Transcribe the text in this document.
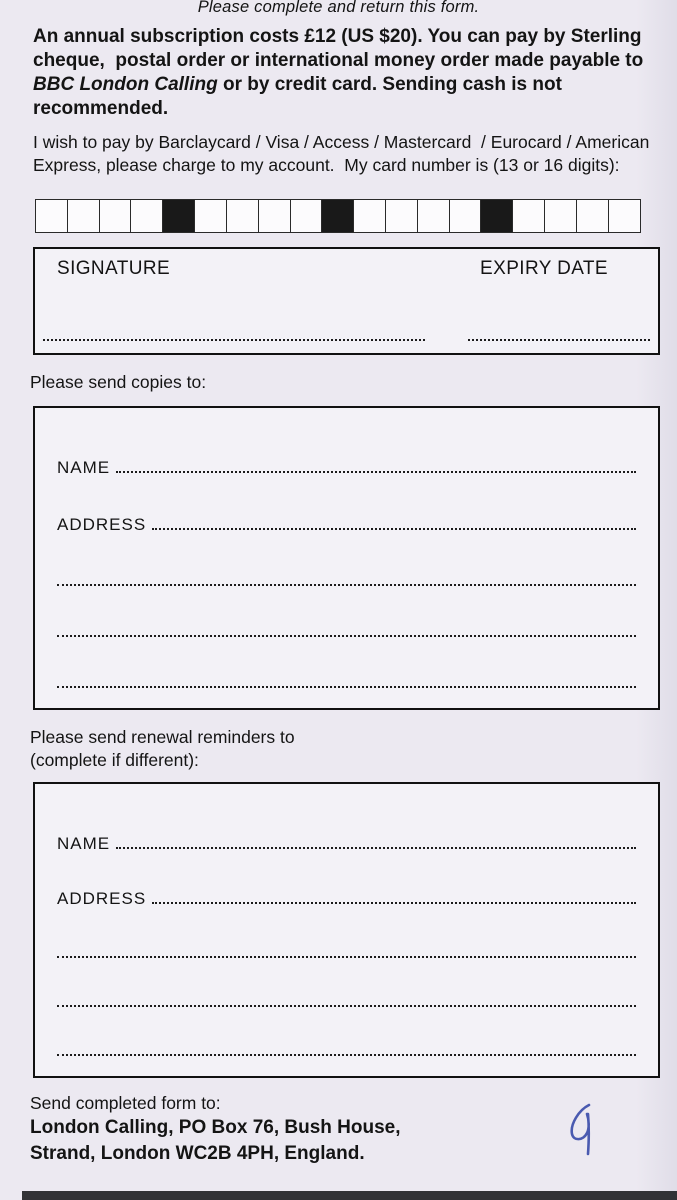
Please complete and return this form.

An annual subscription costs £12 (US $20). You can pay by Sterling cheque,  postal order or international money order made payable to BBC London Calling or by credit card. Sending cash is not recommended.

I wish to pay by Barclaycard / Visa / Access / Mastercard  / Eurocard / American Express, please charge to my account.  My card number is (13 or 16 digits):

SIGNATURE	EXPIRY DATE
Please send copies to:
NAME
ADDRESS
Please send renewal reminders to
(complete if different):
NAME
ADDRESS
Send completed form to:
London Calling, PO Box 76, Bush House,
Strand, London WC2B 4PH, England.
